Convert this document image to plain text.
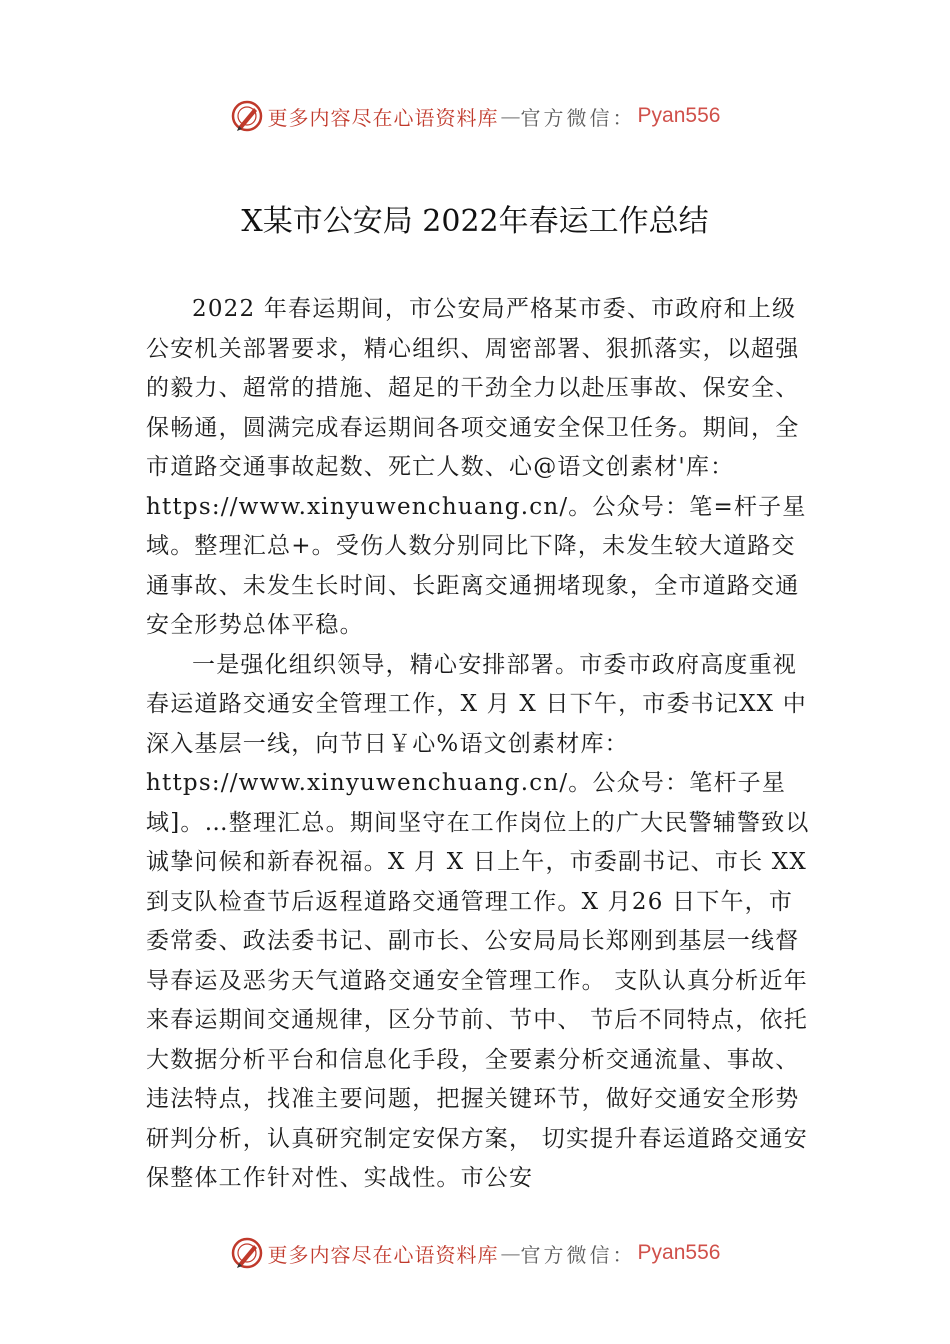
更多内容尽在心语资料库 — 官方微信： Pyan556
X某市公安局 2022年春运工作总结

2022 年春运期间，市公安局严格某市委、市政府和上级公安机关部署要求，精心组织、周密部署、狠抓落实，以超强的毅力、超常的措施、超足的干劲全力以赴压事故、保安全、保畅通，圆满完成春运期间各项交通安全保卫任务。期间，全市道路交通事故起数、死亡人数、心@语文创素材'库：https://www.xinyuwenchuang.cn/。公众号：笔=杆子星域。整理汇总+。受伤人数分别同比下降，未发生较大道路交通事故、未发生长时间、长距离交通拥堵现象，全市道路交通安全形势总体平稳。

一是强化组织领导，精心安排部署。市委市政府高度重视春运道路交通安全管理工作，X 月 X 日下午，市委书记XX 中深入基层一线，向节日￥心%语文创素材库：https://www.xinyuwenchuang.cn/。公众号：笔杆子星域]。…整理汇总。期间坚守在工作岗位上的广大民警辅警致以诚挚问候和新春祝福。X 月 X 日上午，市委副书记、市长 XX 到支队检查节后返程道路交通管理工作。X 月26 日下午，市委常委、政法委书记、副市长、公安局局长郑刚到基层一线督导春运及恶劣天气道路交通安全管理工作。 支队认真分析近年来春运期间交通规律，区分节前、节中、 节后不同特点，依托大数据分析平台和信息化手段，全要素分析交通流量、事故、违法特点，找准主要问题，把握关键环节，做好交通安全形势研判分析，认真研究制定安保方案， 切实提升春运道路交通安保整体工作针对性、实战性。市公安

更多内容尽在心语资料库 — 官方微信： Pyan556
